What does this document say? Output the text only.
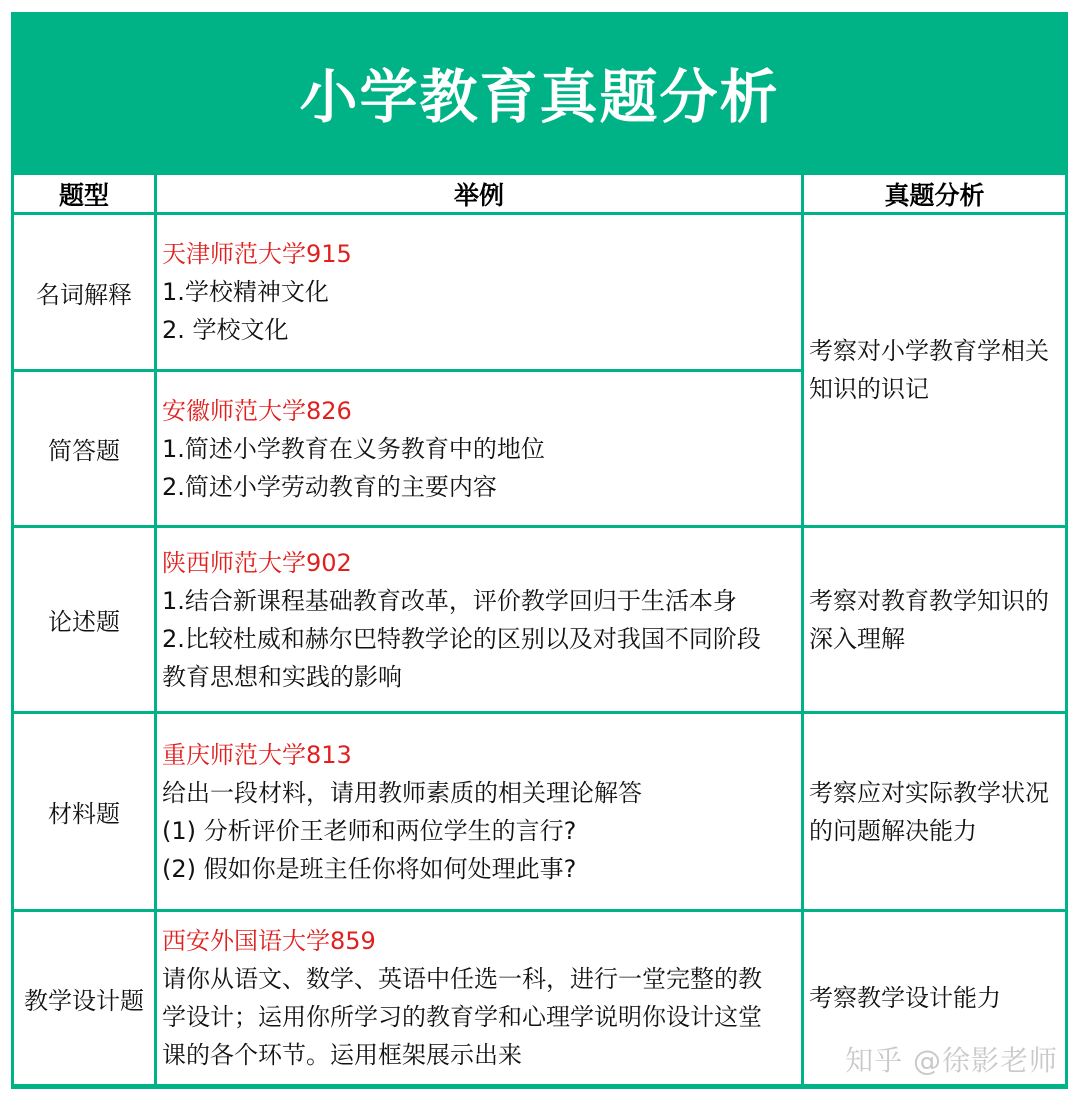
小学教育真题分析
题型	举例	真题分析
名词解释
天津师范大学915
1.学校精神文化
2. 学校文化
简答题
安徽师范大学826
1.简述小学教育在义务教育中的地位
2.简述小学劳动教育的主要内容
考察对小学教育学相关
知识的识记
论述题
陕西师范大学902
1.结合新课程基础教育改革，评价教学回归于生活本身
2.比较杜威和赫尔巴特教学论的区别以及对我国不同阶段
教育思想和实践的影响
考察对教育教学知识的
深入理解
材料题
重庆师范大学813
给出一段材料，请用教师素质的相关理论解答
(1) 分析评价王老师和两位学生的言行?
(2) 假如你是班主任你将如何处理此事?
考察应对实际教学状况
的问题解决能力
教学设计题
西安外国语大学859
请你从语文、数学、英语中任选一科，进行一堂完整的教
学设计；运用你所学习的教育学和心理学说明你设计这堂
课的各个环节。运用框架展示出来
考察教学设计能力
知乎 @徐影老师
